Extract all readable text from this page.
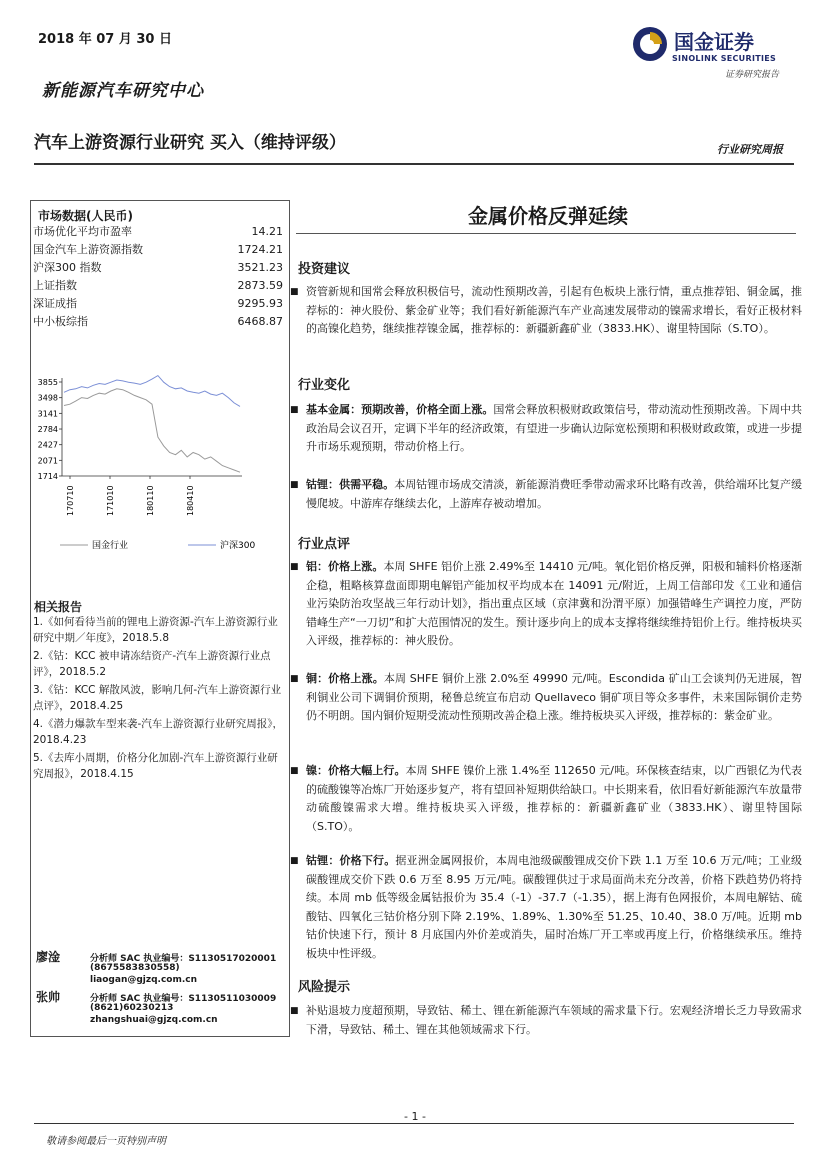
2018 年 07 月 30 日
新能源汽车研究中心
汽车上游资源行业研究 买入（维持评级）	行业研究周报
国金证券
SINOLINK SECURITIES
证券研究报告
市场数据(人民币)
市场优化平均市盈率	14.21
国金汽车上游资源指数	1724.21
沪深300 指数	3521.23
上证指数	2873.59
深证成指	9295.93
中小板综指	6468.87
3855
3498
3141
2784
2427
2071
1714
170710	171010	180110	180410
国金行业	沪深300
相关报告
1.《如何看待当前的锂电上游资源-汽车上游资源行业研究中期／年度》，2018.5.8
2.《钴：KCC 被申请冻结资产-汽车上游资源行业点评》，2018.5.2
3.《钴：KCC 解散风波，影响几何-汽车上游资源行业点评》，2018.4.25
4.《潜力爆款车型来袭-汽车上游资源行业研究周报》，2018.4.23
5.《去库小周期，价格分化加剧-汽车上游资源行业研究周报》，2018.4.15
廖淦	分析师 SAC 执业编号：S1130517020001
(8675583830558)
liaogan@gjzq.com.cn
张帅	分析师 SAC 执业编号：S1130511030009
(8621)60230213
zhangshuai@gjzq.com.cn
金属价格反弹延续
投资建议
■ 资管新规和国常会释放积极信号，流动性预期改善，引起有色板块上涨行情，重点推荐铝、铜金属，推荐标的：神火股份、紫金矿业等；我们看好新能源汽车产业高速发展带动的镍需求增长，看好正极材料的高镍化趋势，继续推荐镍金属，推荐标的：新疆新鑫矿业（3833.HK）、谢里特国际（S.TO）。
行业变化
■ 基本金属：预期改善，价格全面上涨。国常会释放积极财政政策信号，带动流动性预期改善。下周中共政治局会议召开，定调下半年的经济政策，有望进一步确认边际宽松预期和积极财政政策，或进一步提升市场乐观预期，带动价格上行。
■ 钴锂：供需平稳。本周钴锂市场成交清淡，新能源消费旺季带动需求环比略有改善，供给端环比复产缓慢爬坡。中游库存继续去化，上游库存被动增加。
行业点评
■ 铝：价格上涨。本周 SHFE 铝价上涨 2.49%至 14410 元/吨。氧化铝价格反弹，阳极和辅料价格逐渐企稳，粗略核算盘面即期电解铝产能加权平均成本在 14091 元/附近，上周工信部印发《工业和通信业污染防治攻坚战三年行动计划》，指出重点区域（京津冀和汾渭平原）加强错峰生产调控力度，严防错峰生产“一刀切”和扩大范围情况的发生。预计逐步向上的成本支撑将继续维持铝价上行。维持板块买入评级，推荐标的：神火股份。
■ 铜：价格上涨。本周 SHFE 铜价上涨 2.0%至 49990 元/吨。Escondida 矿山工会谈判仍无进展，智利铜业公司下调铜价预期，秘鲁总统宣布启动 Quellaveco 铜矿项目等众多事件，未来国际铜价走势仍不明朗。国内铜价短期受流动性预期改善企稳上涨。维持板块买入评级，推荐标的：紫金矿业。
■ 镍：价格大幅上行。本周 SHFE 镍价上涨 1.4%至 112650 元/吨。环保核查结束，以广西银亿为代表的硫酸镍等冶炼厂开始逐步复产，将有望回补短期供给缺口。中长期来看，依旧看好新能源汽车放量带动硫酸镍需求大增。维持板块买入评级，推荐标的：新疆新鑫矿业（3833.HK）、谢里特国际（S.TO）。
■ 钴锂：价格下行。据亚洲金属网报价，本周电池级碳酸锂成交价下跌 1.1 万至 10.6 万元/吨；工业级碳酸锂成交价下跌 0.6 万至 8.95 万元/吨。碳酸锂供过于求局面尚未充分改善，价格下跌趋势仍将持续。本周 mb 低等级金属钴报价为 35.4（-1）-37.7（-1.35），据上海有色网报价，本周电解钴、硫酸钴、四氧化三钴价格分别下降 2.19%、1.89%、1.30%至 51.25、10.40、38.0 万/吨。近期 mb 钴价快速下行，预计 8 月底国内外价差或消失，届时冶炼厂开工率或再度上行，价格继续承压。维持板块中性评级。
风险提示
■ 补贴退坡力度超预期，导致钴、稀土、锂在新能源汽车领域的需求量下行。宏观经济增长乏力导致需求下滑，导致钴、稀土、锂在其他领域需求下行。
- 1 -
敬请参阅最后一页特别声明
